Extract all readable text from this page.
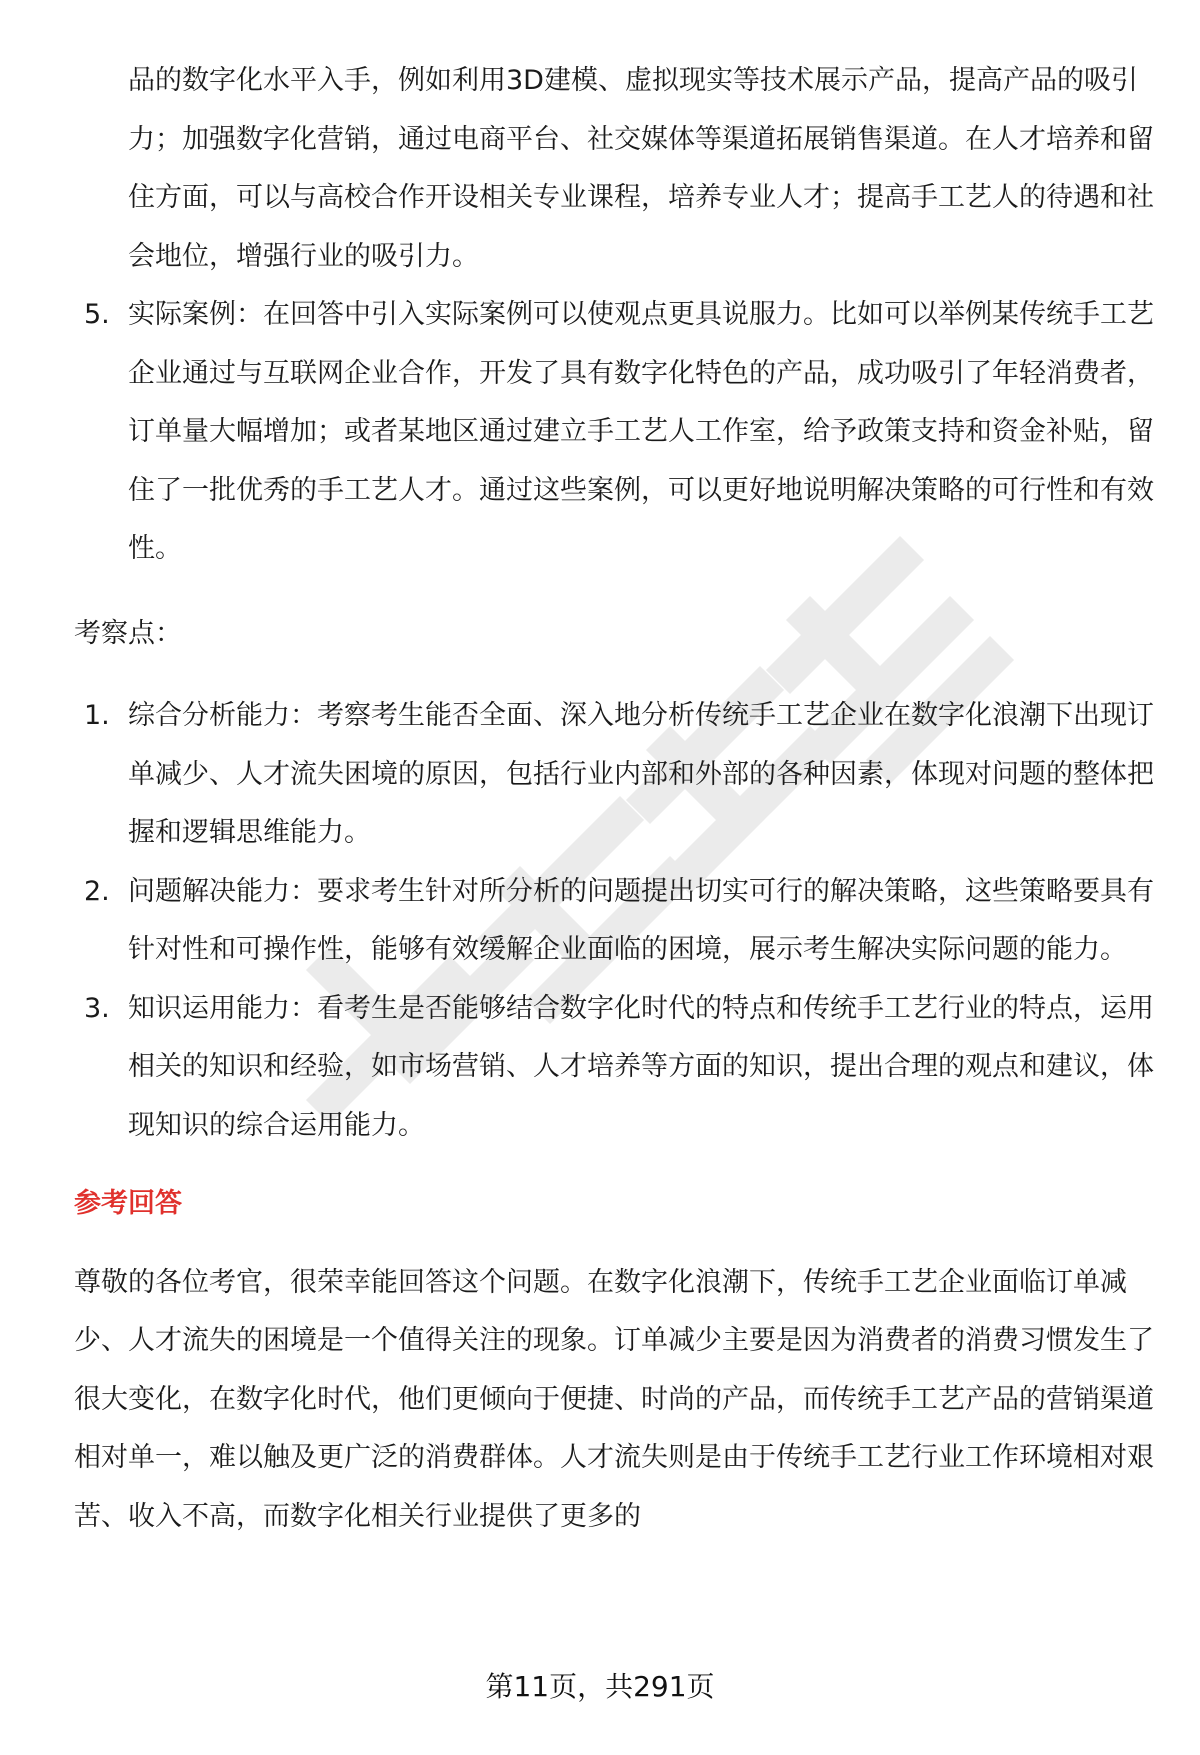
品的数字化水平入手，例如利用3D建模、虚拟现实等技术展示产品，提高产品的吸引力；加强数字化营销，通过电商平台、社交媒体等渠道拓展销售渠道。在人才培养和留住方面，可以与高校合作开设相关专业课程，培养专业人才；提高手工艺人的待遇和社会地位，增强行业的吸引力。

5. 实际案例：在回答中引入实际案例可以使观点更具说服力。比如可以举例某传统手工艺企业通过与互联网企业合作，开发了具有数字化特色的产品，成功吸引了年轻消费者，订单量大幅增加；或者某地区通过建立手工艺人工作室，给予政策支持和资金补贴，留住了一批优秀的手工艺人才。通过这些案例，可以更好地说明解决策略的可行性和有效性。
考察点：
1. 综合分析能力：考察考生能否全面、深入地分析传统手工艺企业在数字化浪潮下出现订单减少、人才流失困境的原因，包括行业内部和外部的各种因素，体现对问题的整体把握和逻辑思维能力。
2. 问题解决能力：要求考生针对所分析的问题提出切实可行的解决策略，这些策略要具有针对性和可操作性，能够有效缓解企业面临的困境，展示考生解决实际问题的能力。
3. 知识运用能力：看考生是否能够结合数字化时代的特点和传统手工艺行业的特点，运用相关的知识和经验，如市场营销、人才培养等方面的知识，提出合理的观点和建议，体现知识的综合运用能力。
参考回答

尊敬的各位考官，很荣幸能回答这个问题。在数字化浪潮下，传统手工艺企业面临订单减少、人才流失的困境是一个值得关注的现象。订单减少主要是因为消费者的消费习惯发生了很大变化，在数字化时代，他们更倾向于便捷、时尚的产品，而传统手工艺产品的营销渠道相对单一，难以触及更广泛的消费群体。人才流失则是由于传统手工艺行业工作环境相对艰苦、收入不高，而数字化相关行业提供了更多的

第11页，共291页
